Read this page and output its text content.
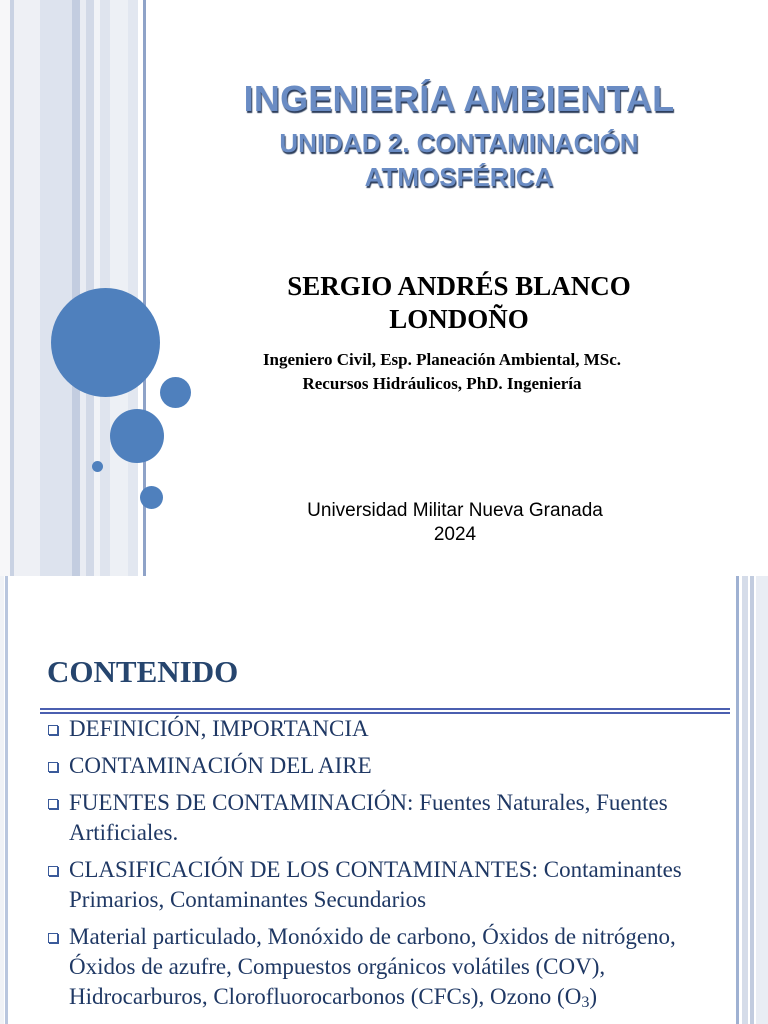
INGENIERÍA AMBIENTAL
UNIDAD 2. CONTAMINACIÓN
ATMOSFÉRICA
SERGIO ANDRÉS BLANCO
LONDOÑO
Ingeniero Civil, Esp. Planeación Ambiental, MSc.
Recursos Hidráulicos, PhD. Ingeniería
Universidad Militar Nueva Granada
2024
CONTENIDO
DEFINICIÓN, IMPORTANCIA
CONTAMINACIÓN DEL AIRE
FUENTES DE CONTAMINACIÓN: Fuentes Naturales, Fuentes Artificiales.
CLASIFICACIÓN DE LOS CONTAMINANTES: Contaminantes Primarios, Contaminantes Secundarios
Material particulado, Monóxido de carbono, Óxidos de nitrógeno, Óxidos de azufre, Compuestos orgánicos volátiles (COV), Hidrocarburos, Clorofluorocarbonos (CFCs), Ozono (O3)
